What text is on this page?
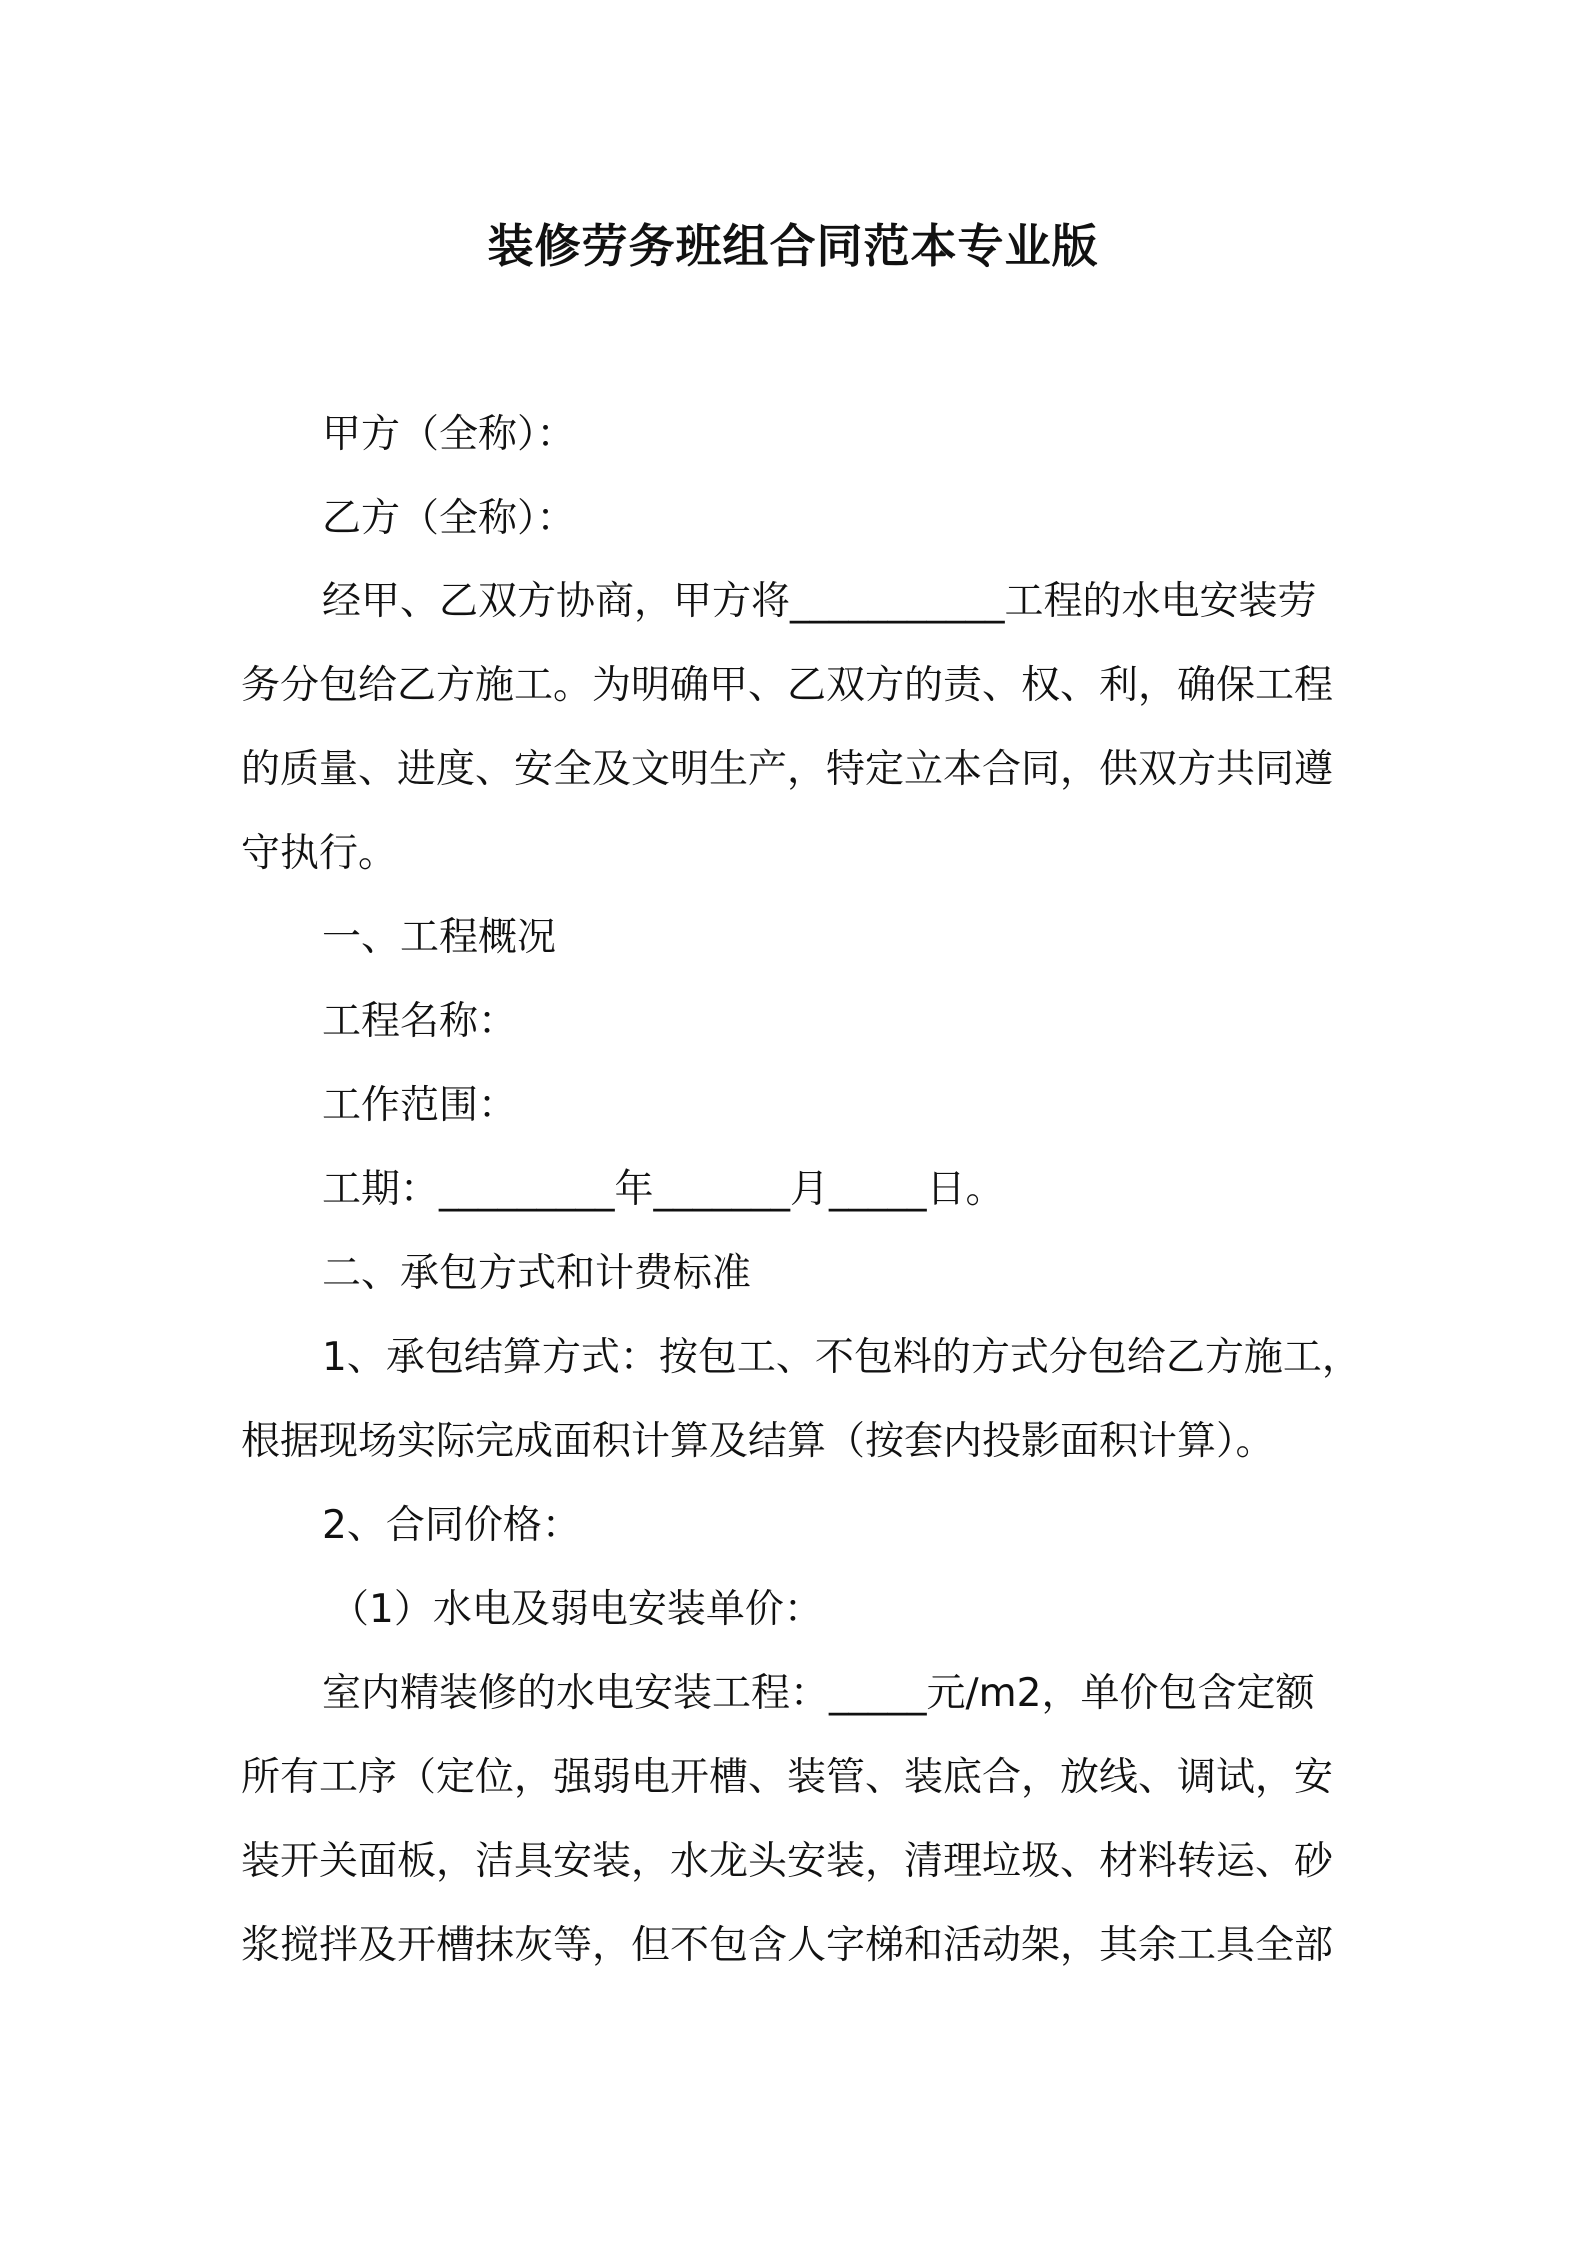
装修劳务班组合同范本专业版

甲方（全称）：

乙方（全称）：

经甲、乙双方协商，甲方将___________工程的水电安装劳

务分包给乙方施工。为明确甲、乙双方的责、权、利，确保工程

的质量、进度、安全及文明生产，特定立本合同，供双方共同遵

守执行。

一、工程概况

工程名称：

工作范围：

工期：_________年_______月_____日。

二、承包方式和计费标准

1、承包结算方式：按包工、不包料的方式分包给乙方施工，

根据现场实际完成面积计算及结算（按套内投影面积计算）。

2、合同价格：

（1）水电及弱电安装单价：

室内精装修的水电安装工程：_____元/m2，单价包含定额

所有工序（定位，强弱电开槽、装管、装底合，放线、调试，安

装开关面板，洁具安装，水龙头安装，清理垃圾、材料转运、砂

浆搅拌及开槽抹灰等，但不包含人字梯和活动架，其余工具全部
